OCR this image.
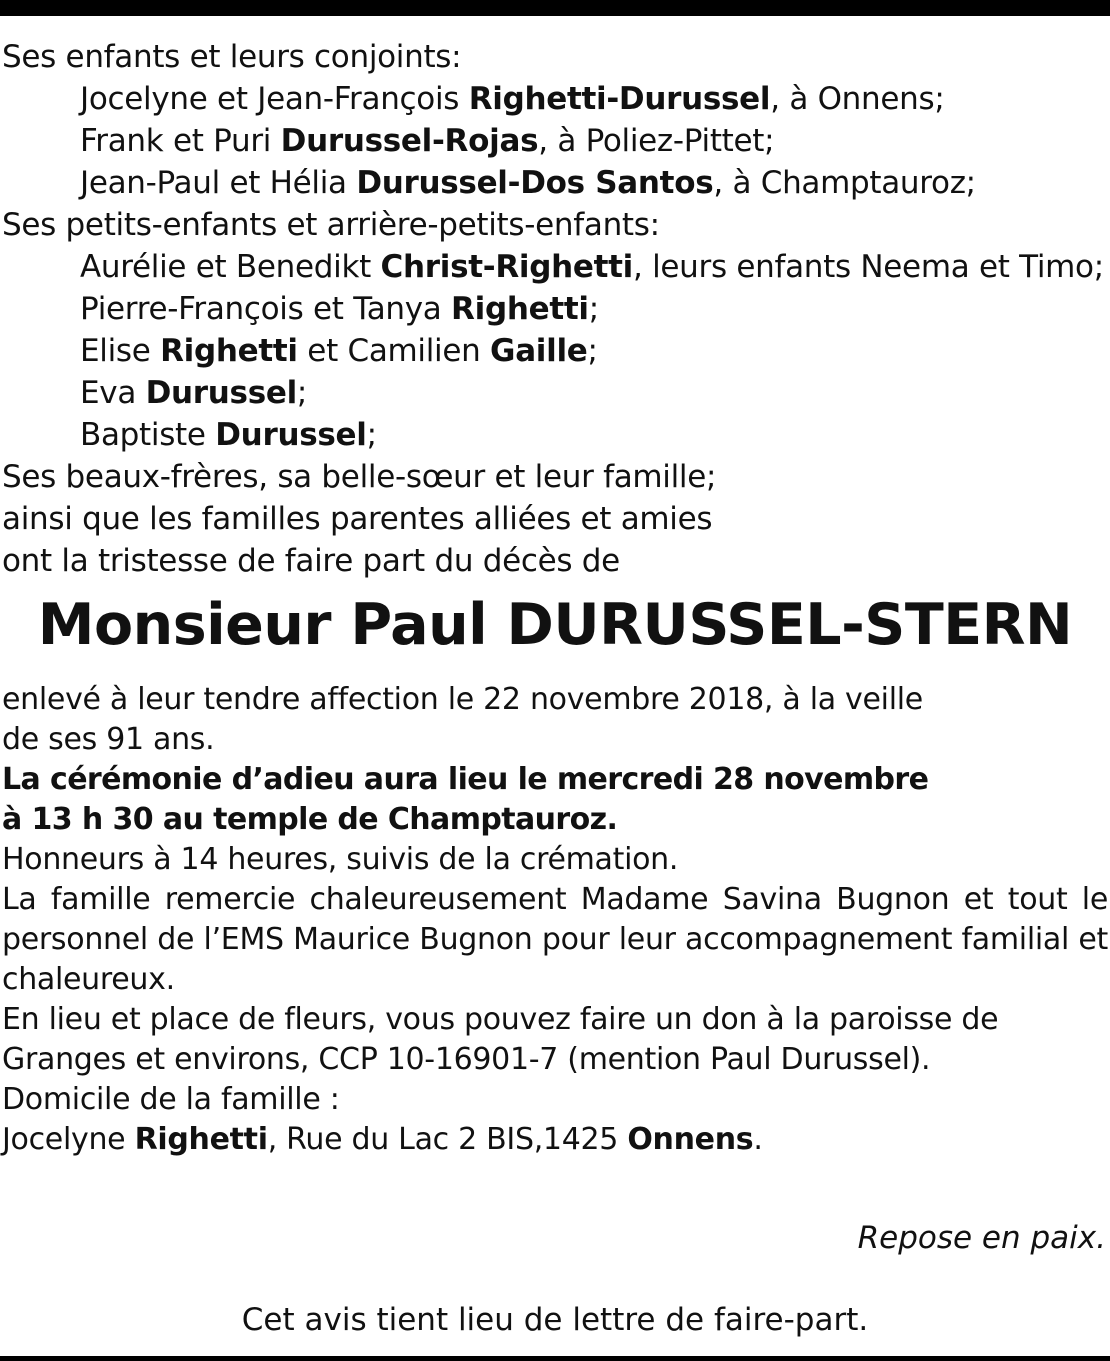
Ses enfants et leurs conjoints:
Jocelyne et Jean-François Righetti-Durussel, à Onnens;
Frank et Puri Durussel-Rojas, à Poliez-Pittet;
Jean-Paul et Hélia Durussel-Dos Santos, à Champtauroz;
Ses petits-enfants et arrière-petits-enfants:
Aurélie et Benedikt Christ-Righetti, leurs enfants Neema et Timo;
Pierre-François et Tanya Righetti;
Elise Righetti et Camilien Gaille;
Eva Durussel;
Baptiste Durussel;
Ses beaux-frères, sa belle-sœur et leur famille;
ainsi que les familles parentes alliées et amies
ont la tristesse de faire part du décès de
Monsieur Paul DURUSSEL-STERN
enlevé à leur tendre affection le 22 novembre 2018, à la veille
de ses 91 ans.
La cérémonie d’adieu aura lieu le mercredi 28 novembre
à 13 h 30 au temple de Champtauroz.
Honneurs à 14 heures, suivis de la crémation.
La famille remercie chaleureusement Madame Savina Bugnon et tout le personnel de l’EMS Maurice Bugnon pour leur accompagnement familial et chaleureux.
En lieu et place de fleurs, vous pouvez faire un don à la paroisse de
Granges et environs, CCP 10-16901-7 (mention Paul Durussel).
Domicile de la famille :
Jocelyne Righetti, Rue du Lac 2 BIS,1425 Onnens.
Repose en paix.
Cet avis tient lieu de lettre de faire-part.
